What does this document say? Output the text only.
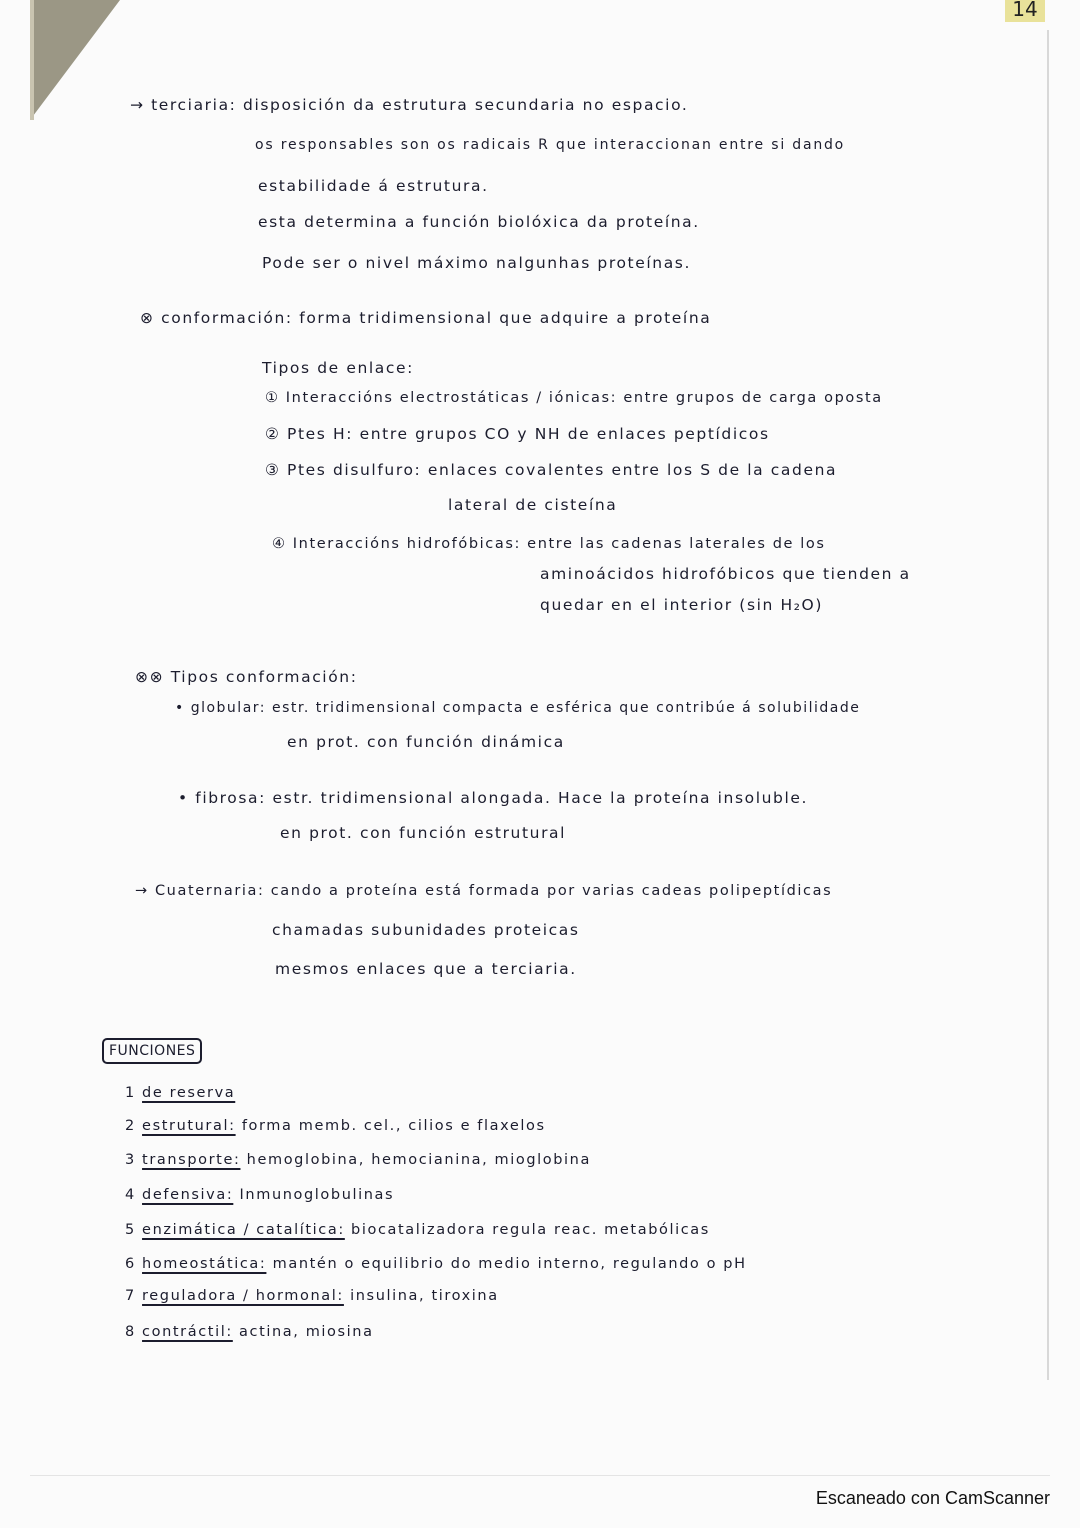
14
→ terciaria: disposición da estrutura secundaria no espacio.
os responsables son os radicais R que interaccionan entre si dando
estabilidade á estrutura.
esta determina a función biolóxica da proteína.
Pode ser o nivel máximo nalgunhas proteínas.
⊗ conformación: forma tridimensional que adquire a proteína
Tipos de enlace:
① Interaccións electrostáticas / iónicas: entre grupos de carga oposta
② Ptes H: entre grupos CO y NH de enlaces peptídicos
③ Ptes disulfuro: enlaces covalentes entre los S de la cadena
lateral de cisteína
④ Interaccións hidrofóbicas: entre las cadenas laterales de los
aminoácidos hidrofóbicos que tienden a
quedar en el interior (sin H₂O)
⊗⊗ Tipos conformación:
• globular: estr. tridimensional compacta e esférica que contribúe á solubilidade
en prot. con función dinámica
• fibrosa: estr. tridimensional alongada. Hace la proteína insoluble.
en prot. con función estrutural
→ Cuaternaria: cando a proteína está formada por varias cadeas polipeptídicas
chamadas subunidades proteicas
mesmos enlaces que a terciaria.
FUNCIONES
1 de reserva
2 estrutural: forma memb. cel., cilios e flaxelos
3 transporte: hemoglobina, hemocianina, mioglobina
4 defensiva: Inmunoglobulinas
5 enzimática / catalítica: biocatalizadora regula reac. metabólicas
6 homeostática: mantén o equilibrio do medio interno, regulando o pH
7 reguladora / hormonal: insulina, tiroxina
8 contráctil: actina, miosina
Escaneado con CamScanner
